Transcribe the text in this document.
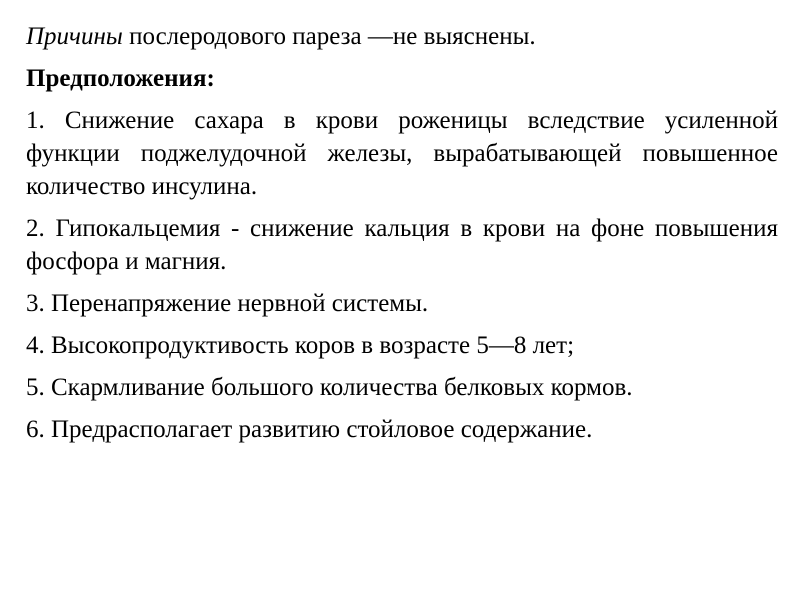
Причины послеродового пареза —не выяснены.

Предположения:

1. Снижение сахара в крови роженицы вследствие усиленной функции поджелудочной железы, вырабатывающей повышенное количество инсулина.

2. Гипокальцемия - снижение кальция в крови на фоне повышения фосфора и магния.

3. Перенапряжение нервной системы.

4. Высокопродуктивость коров в возрасте 5—8 лет;

5. Скармливание большого количества белковых кормов.

6. Предрасполагает развитию стойловое содержание.
